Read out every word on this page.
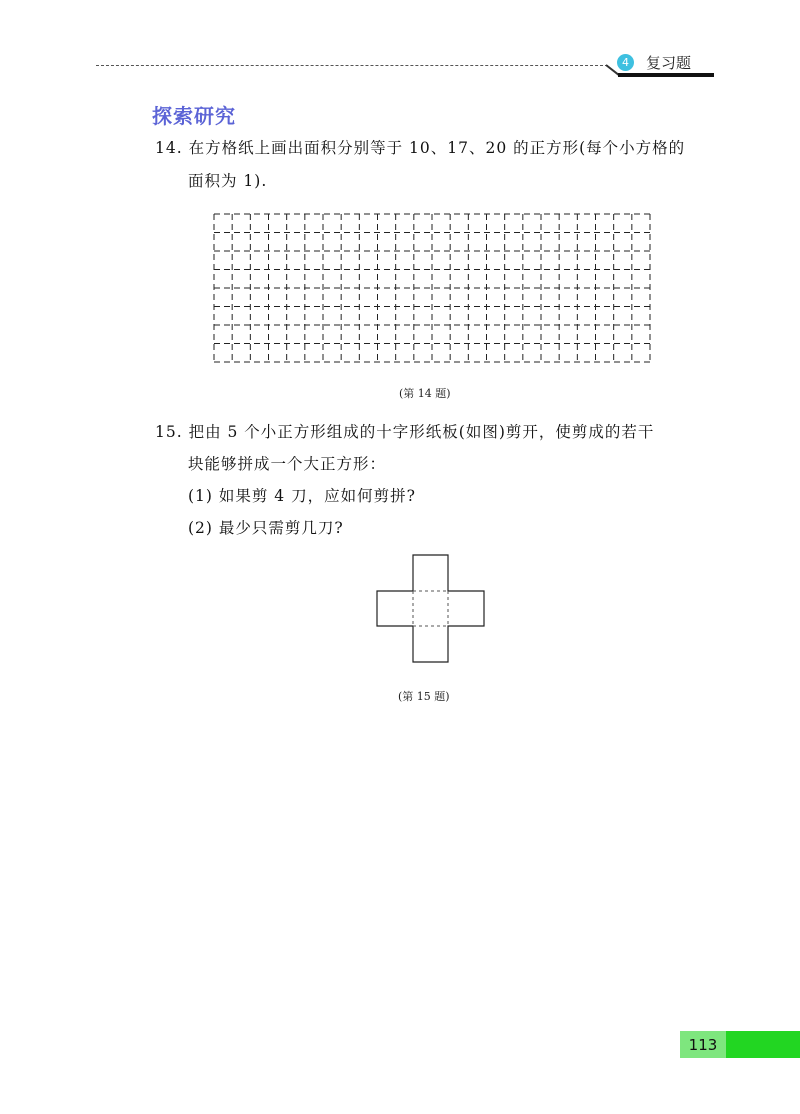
4	复习题
探索研究
14. 在方格纸上画出面积分别等于 10、17、20 的正方形(每个小方格的
面积为 1).
(第 14 题)
15. 把由 5 个小正方形组成的十字形纸板(如图)剪开，使剪成的若干
块能够拼成一个大正方形：
(1) 如果剪 4 刀，应如何剪拼?
(2) 最少只需剪几刀?
(第 15 题)
113
